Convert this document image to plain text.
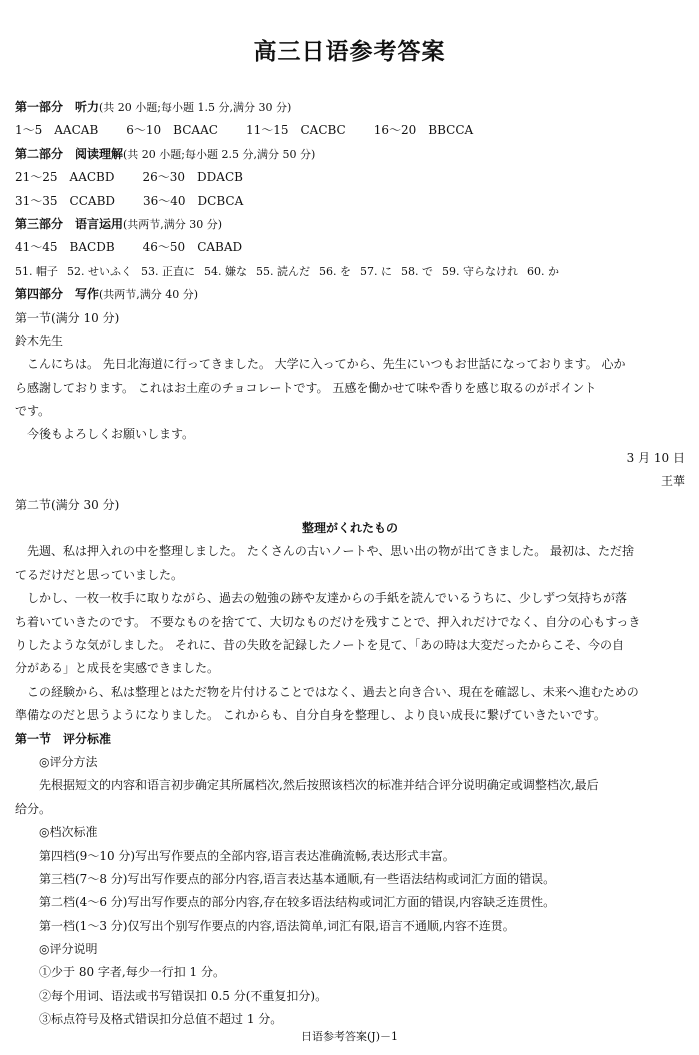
高三日语参考答案
第一部分　听力(共 20 小题;每小题 1.5 分,满分 30 分)
1～5　AACAB 6～10　BCAAC 11～15　CACBC 16～20　BBCCA
第二部分　阅读理解(共 20 小题;每小题 2.5 分,满分 50 分)
21～25　AACBD 26～30　DDACB
31～35　CCABD 36～40　DCBCA
第三部分　语言运用(共两节,满分 30 分)
41～45　BACDB 46～50　CABAD
51. 帽子 52. せいふく 53. 正直に 54. 嫌な 55. 読んだ 56. を 57. に 58. で 59. 守らなけれ 60. か
第四部分　写作(共两节,满分 40 分)
第一节(满分 10 分)
鈴木先生
こんにちは。 先日北海道に行ってきました。 大学に入ってから、先生にいつもお世話になっております。 心か
ら感謝しております。 これはお土産のチョコレートです。 五感を働かせて味や香りを感じ取るのがポイント
です。
今後もよろしくお願いします。
3 月 10 日
王華
第二节(满分 30 分)
整理がくれたもの
先週、私は押入れの中を整理しました。 たくさんの古いノートや、思い出の物が出てきました。 最初は、ただ捨
てるだけだと思っていました。
しかし、一枚一枚手に取りながら、過去の勉強の跡や友達からの手紙を読んでいるうちに、少しずつ気持ちが落
ち着いていきたのです。 不要なものを捨てて、大切なものだけを残すことで、押入れだけでなく、自分の心もすっき
りしたような気がしました。 それに、昔の失敗を記録したノートを見て、「あの時は大変だったからこそ、今の自
分がある」と成長を実感できました。
この経験から、私は整理とはただ物を片付けることではなく、過去と向き合い、現在を確認し、未来へ進むための
準備なのだと思うようになりました。 これからも、自分自身を整理し、より良い成長に繋げていきたいです。
第一节　评分标准
◎评分方法
先根据短文的内容和语言初步确定其所属档次,然后按照该档次的标准并结合评分说明确定或调整档次,最后
给分。
◎档次标准
第四档(9～10 分)写出写作要点的全部内容,语言表达准确流畅,表达形式丰富。
第三档(7～8 分)写出写作要点的部分内容,语言表达基本通顺,有一些语法结构或词汇方面的错误。
第二档(4～6 分)写出写作要点的部分内容,存在较多语法结构或词汇方面的错误,内容缺乏连贯性。
第一档(1～3 分)仅写出个别写作要点的内容,语法简单,词汇有限,语言不通顺,内容不连贯。
◎评分说明
①少于 80 字者,每少一行扣 1 分。
②每个用词、语法或书写错误扣 0.5 分(不重复扣分)。
③标点符号及格式错误扣分总值不超过 1 分。
日语参考答案(J)－1
